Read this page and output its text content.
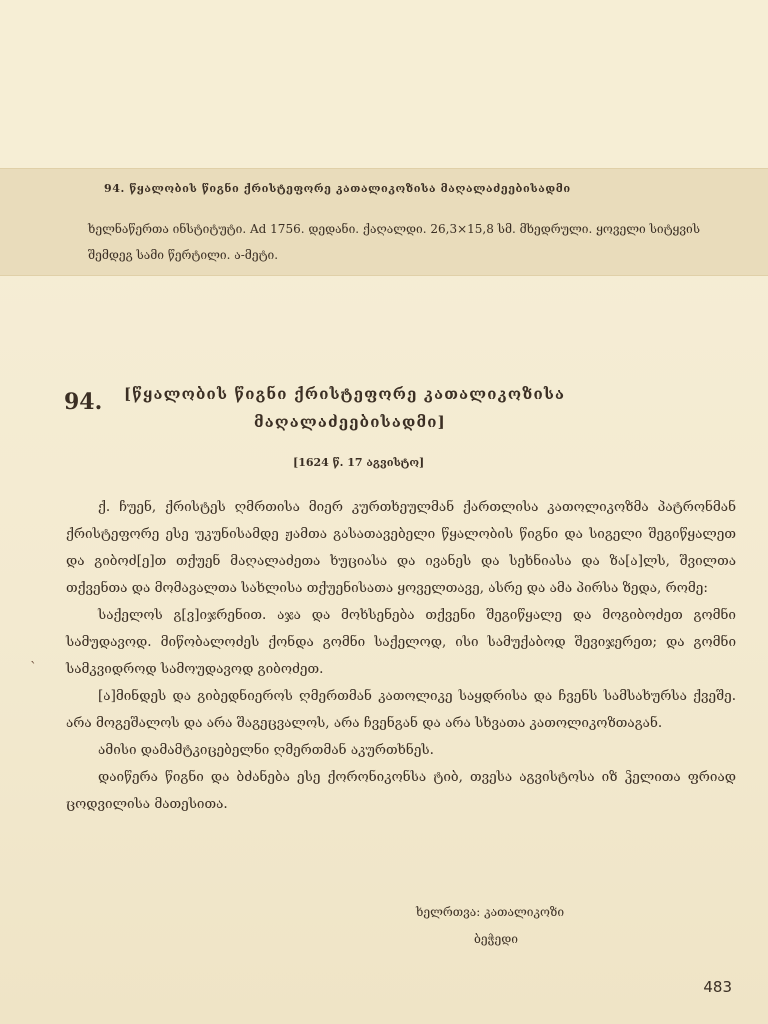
94. წყალობის წიგნი ქრისტეფორე კათალიკოზისა მაღალაძეებისადმი
ხელნაწერთა ინსტიტუტი. Ad 1756. დედანი. ქაღალდი. 26,3×15,8 სმ. მხედრული. ყოველი სიტყვის შემდეგ სამი წერტილი. ა-მეტი.
94. [წყალობის წიგნი ქრისტეფორე კათალიკოზისა
მაღალაძეებისადმი]
[1624 წ. 17 აგვისტო]
`

ქ. ჩუენ, ქრისტეს ღმრთისა მიერ კურთხეულმან ქართლისა კათოლიკოზმა პატრონმან ქრისტეფორე ესე უკუნისამდე ჟამთა გასათავებელი წყალობის წიგნი და სიგელი შეგიწყალეთ და გიბოძ[ე]თ თქუენ მაღალაძეთა ხუციასა და ივანეს და სეხნიასა და ზა[ა]ლს, შვილთა თქვენთა და მომავალთა სახლისა თქუენისათა ყოველთავე, ასრე და ამა პირსა ზედა, რომე:

საქელოს გ[ვ]იჯრენით. აჯა და მოხსენება თქვენი შეგიწყალე და მოგიბოძეთ გომნი სამუდავოდ. მიწობალოძეს ქონდა გომნი საქელოდ, ისი სამუქაბოდ შევიჯერეთ; და გომნი სამკვიდროდ სამოუდავოდ გიბოძეთ.

[ა]მინდეს და გიბედნიეროს ღმერთმან კათოლიკე საყდრისა და ჩვენს სამსახურსა ქვეშე. არა მოგეშალოს და არა შაგეცვალოს, არა ჩვენგან და არა სხვათა კათოლიკოზთაგან.

ამისი დამამტკიცებელნი ღმერთმან აკურთხნეს.

დაიწერა წიგნი და ბძანება ესე ქორონიკონსა ტიბ, თვესა აგვისტოსა იზ ჴელითა ფრიად ცოდვილისა მათესითა.

ხელრთვა: კათალიკოზი
ბეჭედი
483
